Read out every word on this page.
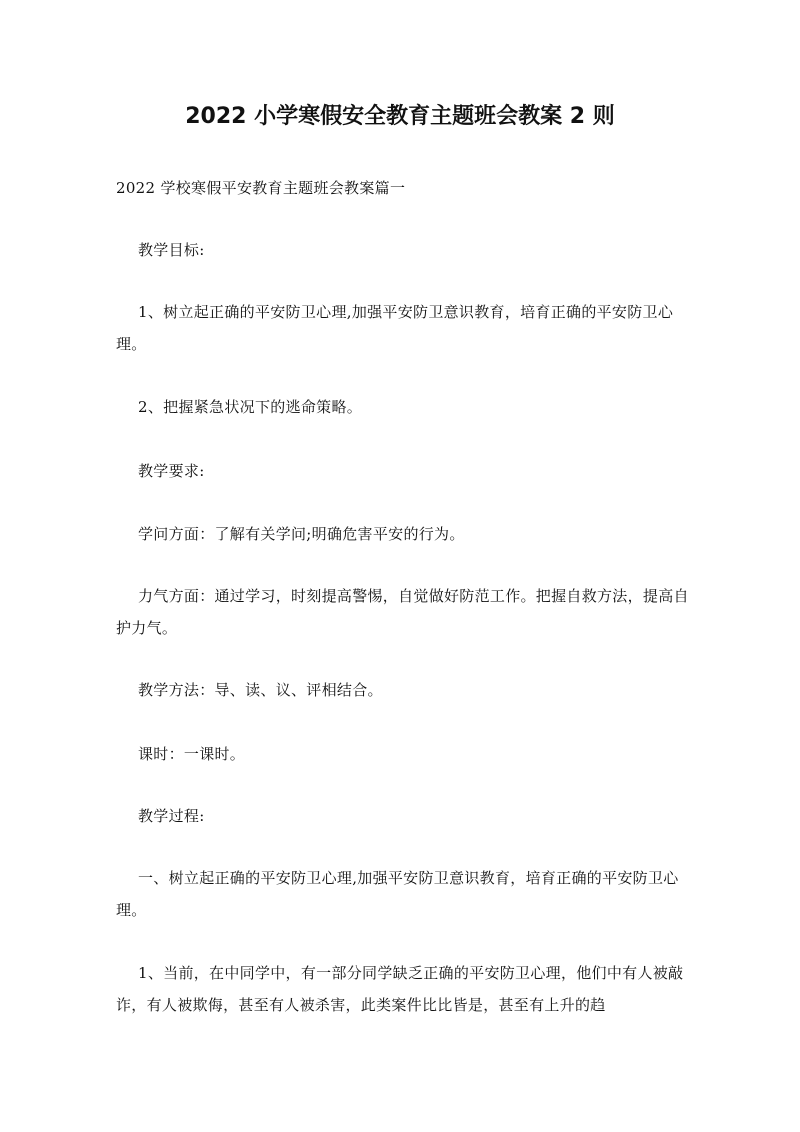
2022 小学寒假安全教育主题班会教案 2 则

2022 学校寒假平安教育主题班会教案篇一

教学目标:

1、树立起正确的平安防卫心理,加强平安防卫意识教育，培育正确的平安防卫心理。

2、把握紧急状况下的逃命策略。

教学要求:

学问方面：了解有关学问;明确危害平安的行为。

力气方面：通过学习，时刻提高警惕，自觉做好防范工作。把握自救方法，提高自护力气。

教学方法：导、读、议、评相结合。

课时：一课时。

教学过程:

一、树立起正确的平安防卫心理,加强平安防卫意识教育，培育正确的平安防卫心理。

1、当前，在中同学中，有一部分同学缺乏正确的平安防卫心理，他们中有人被敲诈，有人被欺侮，甚至有人被杀害，此类案件比比皆是，甚至有上升的趋
